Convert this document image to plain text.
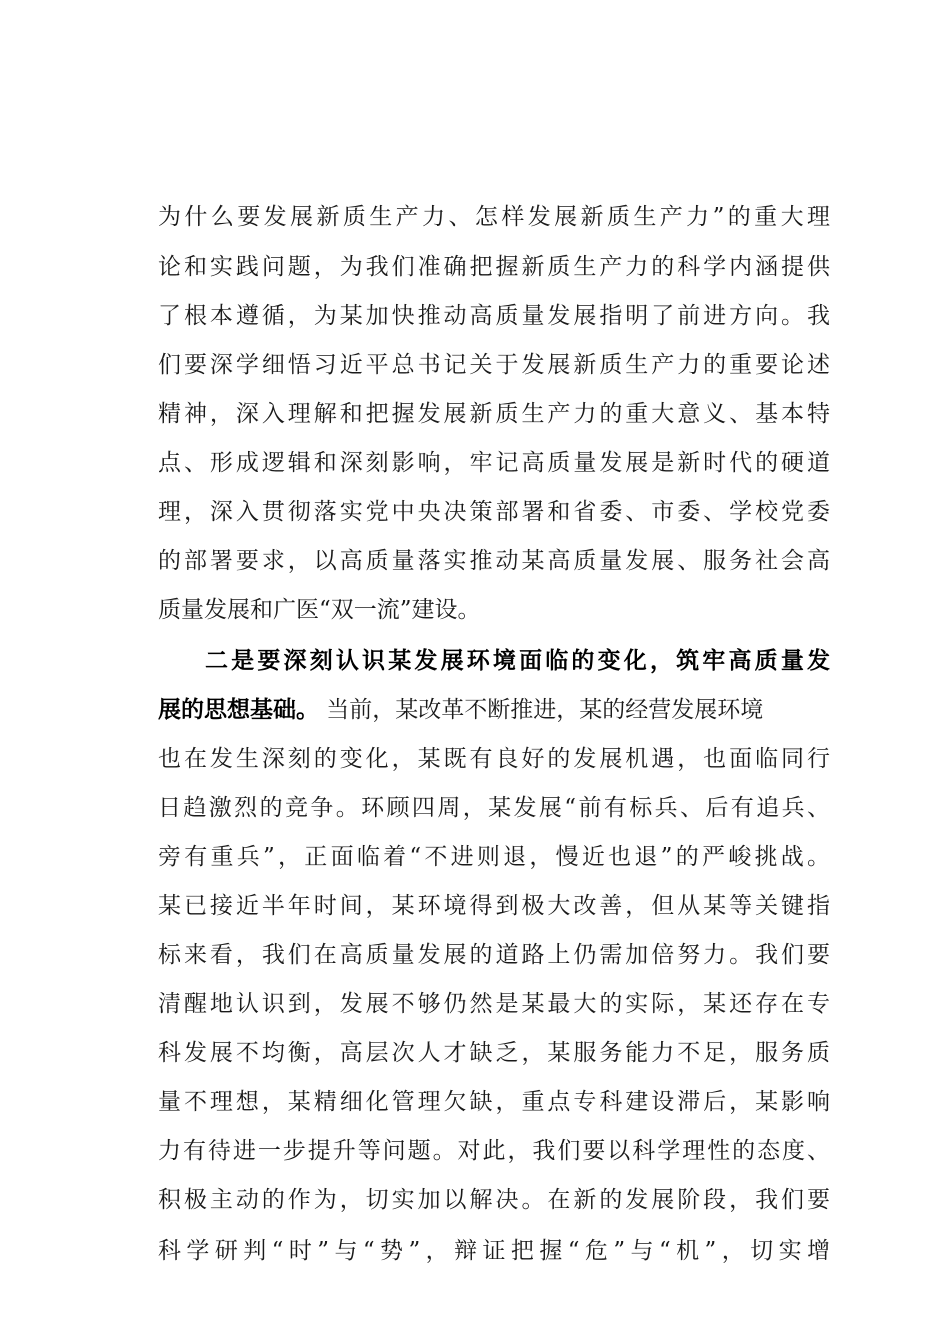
为什么要发展新质生产力、怎样发展新质生产力”的重大理
论和实践问题，为我们准确把握新质生产力的科学内涵提供
了根本遵循，为某加快推动高质量发展指明了前进方向。我
们要深学细悟习近平总书记关于发展新质生产力的重要论述
精神，深入理解和把握发展新质生产力的重大意义、基本特
点、形成逻辑和深刻影响，牢记高质量发展是新时代的硬道
理，深入贯彻落实党中央决策部署和省委、市委、学校党委
的部署要求，以高质量落实推动某高质量发展、服务社会高
质量发展和广医“双一流”建设。
二是要深刻认识某发展环境面临的变化，筑牢高质量发
展的思想基础。 当前，某改革不断推进，某的经营发展环境
也在发生深刻的变化，某既有良好的发展机遇，也面临同行
日趋激烈的竞争。环顾四周，某发展“前有标兵、后有追兵、
旁有重兵”，正面临着“不进则退，慢近也退”的严峻挑战。
某已接近半年时间，某环境得到极大改善，但从某等关键指
标来看，我们在高质量发展的道路上仍需加倍努力。我们要
清醒地认识到，发展不够仍然是某最大的实际，某还存在专
科发展不均衡，高层次人才缺乏，某服务能力不足，服务质
量不理想，某精细化管理欠缺，重点专科建设滞后，某影响
力有待进一步提升等问题。对此，我们要以科学理性的态度、
积极主动的作为，切实加以解决。在新的发展阶段，我们要
科学研判“时”与“势”，辩证把握“危”与“机”，切实增
